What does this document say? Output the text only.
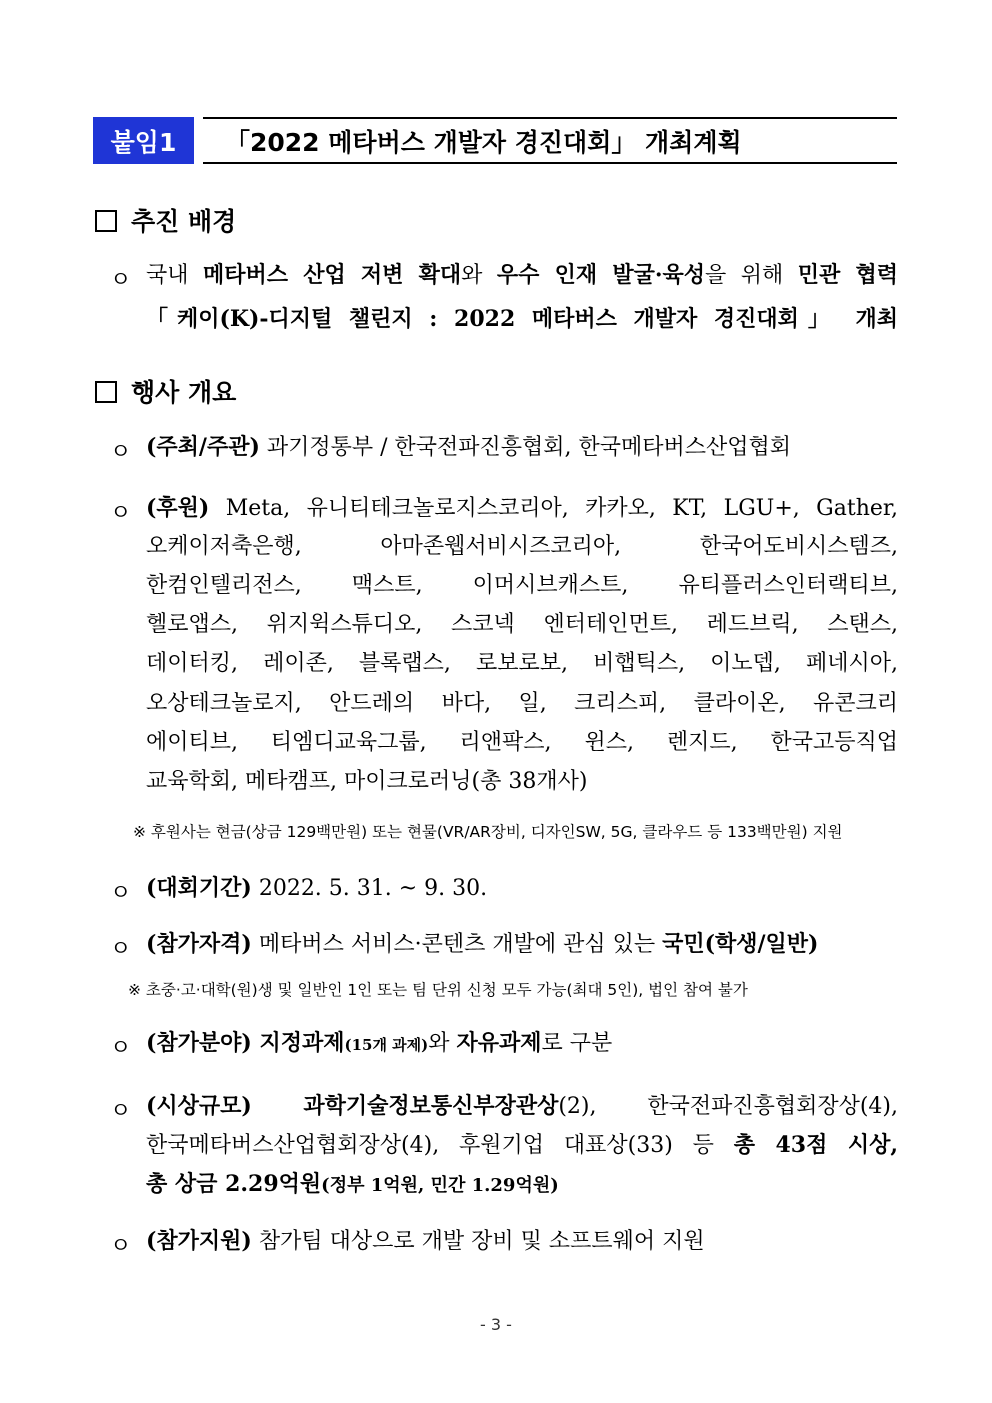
붙임1	「2022 메타버스 개발자 경진대회」 개최계획
추진 배경
ㅇ 국내 메타버스 산업 저변 확대와 우수 인재 발굴·육성을 위해 민관 협력
「케이(K)-디지털 챌린지 : 2022 메타버스 개발자 경진대회」 개최
행사 개요
ㅇ (주최/주관) 과기정통부 / 한국전파진흥협회, 한국메타버스산업협회
ㅇ (후원) Meta, 유니티테크놀로지스코리아, 카카오, KT, LGU+, Gather,
오케이저축은행, 아마존웹서비시즈코리아, 한국어도비시스템즈,
한컴인텔리전스, 맥스트, 이머시브캐스트, 유티플러스인터랙티브,
헬로앱스, 위지윅스튜디오, 스코넥 엔터테인먼트, 레드브릭, 스탠스,
데이터킹, 레이존, 블록랩스, 로보로보, 비햅틱스, 이노뎁, 페네시아,
오상테크놀로지, 안드레의 바다, 일, 크리스피, 클라이온, 유콘크리
에이티브, 티엠디교육그룹, 리앤팍스, 윈스, 렌지드, 한국고등직업
교육학회, 메타캠프, 마이크로러닝(총 38개사)
※ 후원사는 현금(상금 129백만원) 또는 현물(VR/AR장비, 디자인SW, 5G, 클라우드 등 133백만원) 지원
ㅇ (대회기간) 2022. 5. 31. ~ 9. 30.
ㅇ (참가자격) 메타버스 서비스·콘텐츠 개발에 관심 있는 국민(학생/일반)
※ 초중·고·대학(원)생 및 일반인 1인 또는 팀 단위 신청 모두 가능(최대 5인), 법인 참여 불가
ㅇ (참가분야) 지정과제(15개 과제)와 자유과제로 구분
ㅇ (시상규모) 과학기술정보통신부장관상(2), 한국전파진흥협회장상(4),
한국메타버스산업협회장상(4), 후원기업 대표상(33) 등 총 43점 시상,
총 상금 2.29억원(정부 1억원, 민간 1.29억원)
ㅇ (참가지원) 참가팀 대상으로 개발 장비 및 소프트웨어 지원
- 3 -
